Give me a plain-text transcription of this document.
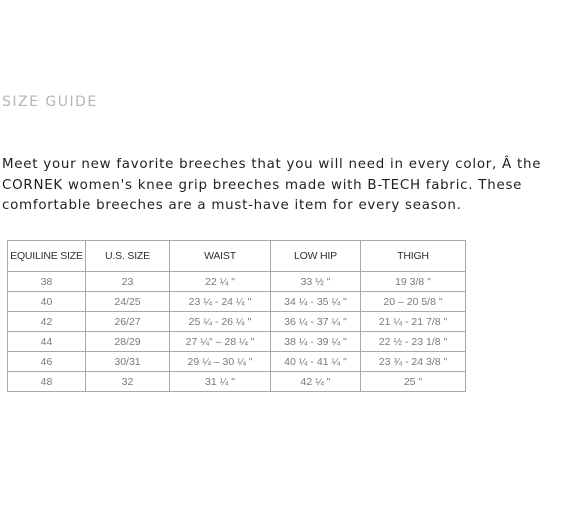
SIZE GUIDE

Meet your new favorite breeches that you will need in every color, Â the CORNEK women's knee grip breeches made with B-TECH fabric. These comfortable breeches are a must-have item for every season.

EQUILINE SIZE	U.S. SIZE	WAIST	LOW HIP	THIGH
38	23	22 ¼ "	33 ½ "	19 3/8 "
40	24/25	23 ¼ - 24 ¼ "	34 ¼ - 35 ¼ "	20 – 20 5/8 "
42	26/27	25 ¼ - 26 ¼ "	36 ¼ - 37 ¼ "	21 ¼ - 21 7/8 "
44	28/29	27 ¼" – 28 ¼ "	38 ¼ - 39 ¼ "	22 ½ - 23 1/8 "
46	30/31	29 ¼ – 30 ¼ "	40 ¼ - 41 ¼ "	23 ¾ - 24 3/8 "
48	32	31 ¼ "	42 ¼ "	25 "
